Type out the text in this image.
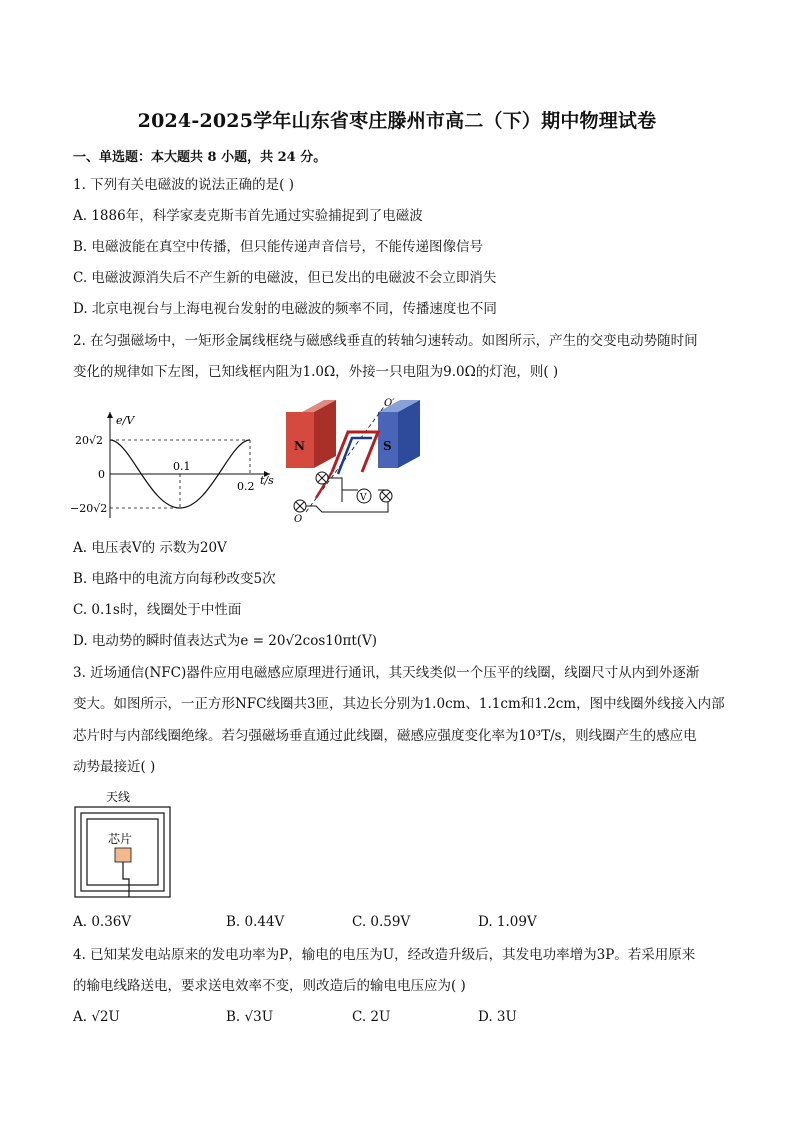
2024-2025学年山东省枣庄滕州市高二（下）期中物理试卷
一、单选题：本大题共 8 小题，共 24 分。
1. 下列有关电磁波的说法正确的是( )
A. 1886年，科学家麦克斯韦首先通过实验捕捉到了电磁波
B. 电磁波能在真空中传播，但只能传递声音信号，不能传递图像信号
C. 电磁波源消失后不产生新的电磁波，但已发出的电磁波不会立即消失
D. 北京电视台与上海电视台发射的电磁波的频率不同，传播速度也不同
2. 在匀强磁场中，一矩形金属线框绕与磁感线垂直的转轴匀速转动。如图所示，产生的交变电动势随时间
变化的规律如下左图，已知线框内阻为1.0Ω，外接一只电阻为9.0Ω的灯泡，则( )
e/V
20√2
0
−20√2
0.1
0.2 t/s
N	S
O′
O
V
A. 电压表V的 示数为20V
B. 电路中的电流方向每秒改变5次
C. 0.1s时，线圈处于中性面
D. 电动势的瞬时值表达式为e = 20√2cos10πt(V)
3. 近场通信(NFC)器件应用电磁感应原理进行通讯，其天线类似一个压平的线圈，线圈尺寸从内到外逐渐
变大。如图所示，一正方形NFC线圈共3匝，其边长分别为1.0cm、1.1cm和1.2cm，图中线圈外线接入内部
芯片时与内部线圈绝缘。若匀强磁场垂直通过此线圈，磁感应强度变化率为10³T/s，则线圈产生的感应电
动势最接近( )
天线
芯片
A. 0.36V	B. 0.44V	C. 0.59V	D. 1.09V
4. 已知某发电站原来的发电功率为P，输电的电压为U，经改造升级后，其发电功率增为3P。若采用原来
的输电线路送电，要求送电效率不变，则改造后的输电电压应为( )
A. √2U	B. √3U	C. 2U	D. 3U
